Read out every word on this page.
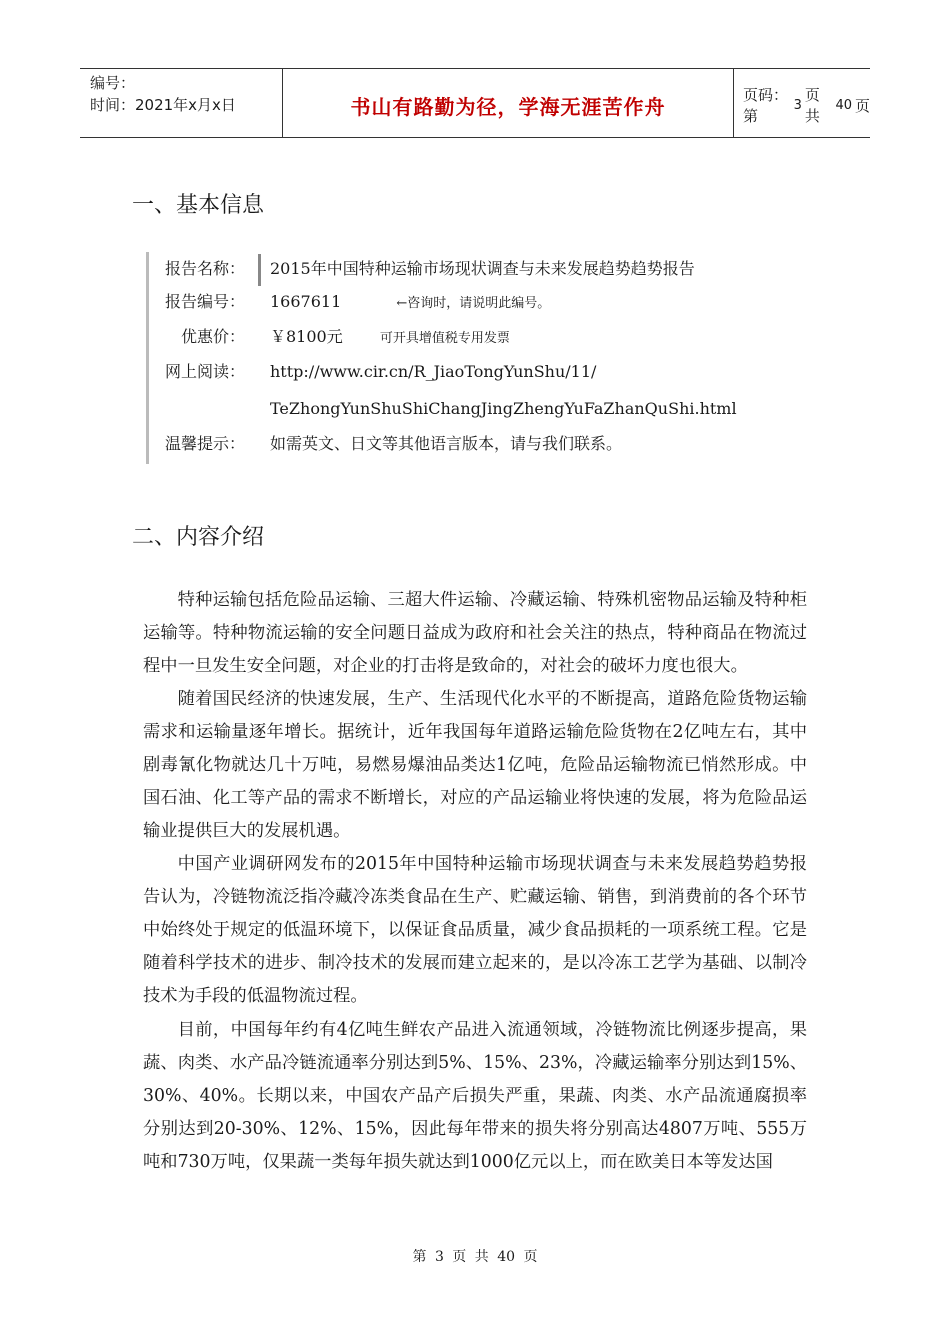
编号：
时间：2021年x月x日	书山有路勤为径，学海无涯苦作舟	页码：第
3
页 共
40 页
一、基本信息
报告名称： 2015年中国特种运输市场现状调查与未来发展趋势趋势报告
报告编号： 1667611	←咨询时，请说明此编号。
优惠价： ￥8100元	可开具增值税专用发票
网上阅读： http://www.cir.cn/R_JiaoTongYunShu/11/
TeZhongYunShuShiChangJingZhengYuFaZhanQuShi.html
温馨提示： 如需英文、日文等其他语言版本，请与我们联系。
二、内容介绍

特种运输包括危险品运输、三超大件运输、冷藏运输、特殊机密物品运输及特种柜运输等。特种物流运输的安全问题日益成为政府和社会关注的热点，特种商品在物流过程中一旦发生安全问题，对企业的打击将是致命的，对社会的破坏力度也很大。

随着国民经济的快速发展，生产、生活现代化水平的不断提高，道路危险货物运输需求和运输量逐年增长。据统计，近年我国每年道路运输危险货物在2亿吨左右，其中剧毒氰化物就达几十万吨，易燃易爆油品类达1亿吨，危险品运输物流已悄然形成。中国石油、化工等产品的需求不断增长，对应的产品运输业将快速的发展，将为危险品运输业提供巨大的发展机遇。

中国产业调研网发布的2015年中国特种运输市场现状调查与未来发展趋势趋势报告认为，冷链物流泛指冷藏冷冻类食品在生产、贮藏运输、销售，到消费前的各个环节中始终处于规定的低温环境下，以保证食品质量，减少食品损耗的一项系统工程。它是随着科学技术的进步、制冷技术的发展而建立起来的，是以冷冻工艺学为基础、以制冷技术为手段的低温物流过程。

目前，中国每年约有4亿吨生鲜农产品进入流通领域，冷链物流比例逐步提高，果蔬、肉类、水产品冷链流通率分别达到5%、15%、23%，冷藏运输率分别达到15%、30%、40%。长期以来，中国农产品产后损失严重，果蔬、肉类、水产品流通腐损率分别达到20-30%、12%、15%，因此每年带来的损失将分别高达4807万吨、555万吨和730万吨，仅果蔬一类每年损失就达到1000亿元以上，而在欧美日本等发达国

第 3 页 共 40 页
